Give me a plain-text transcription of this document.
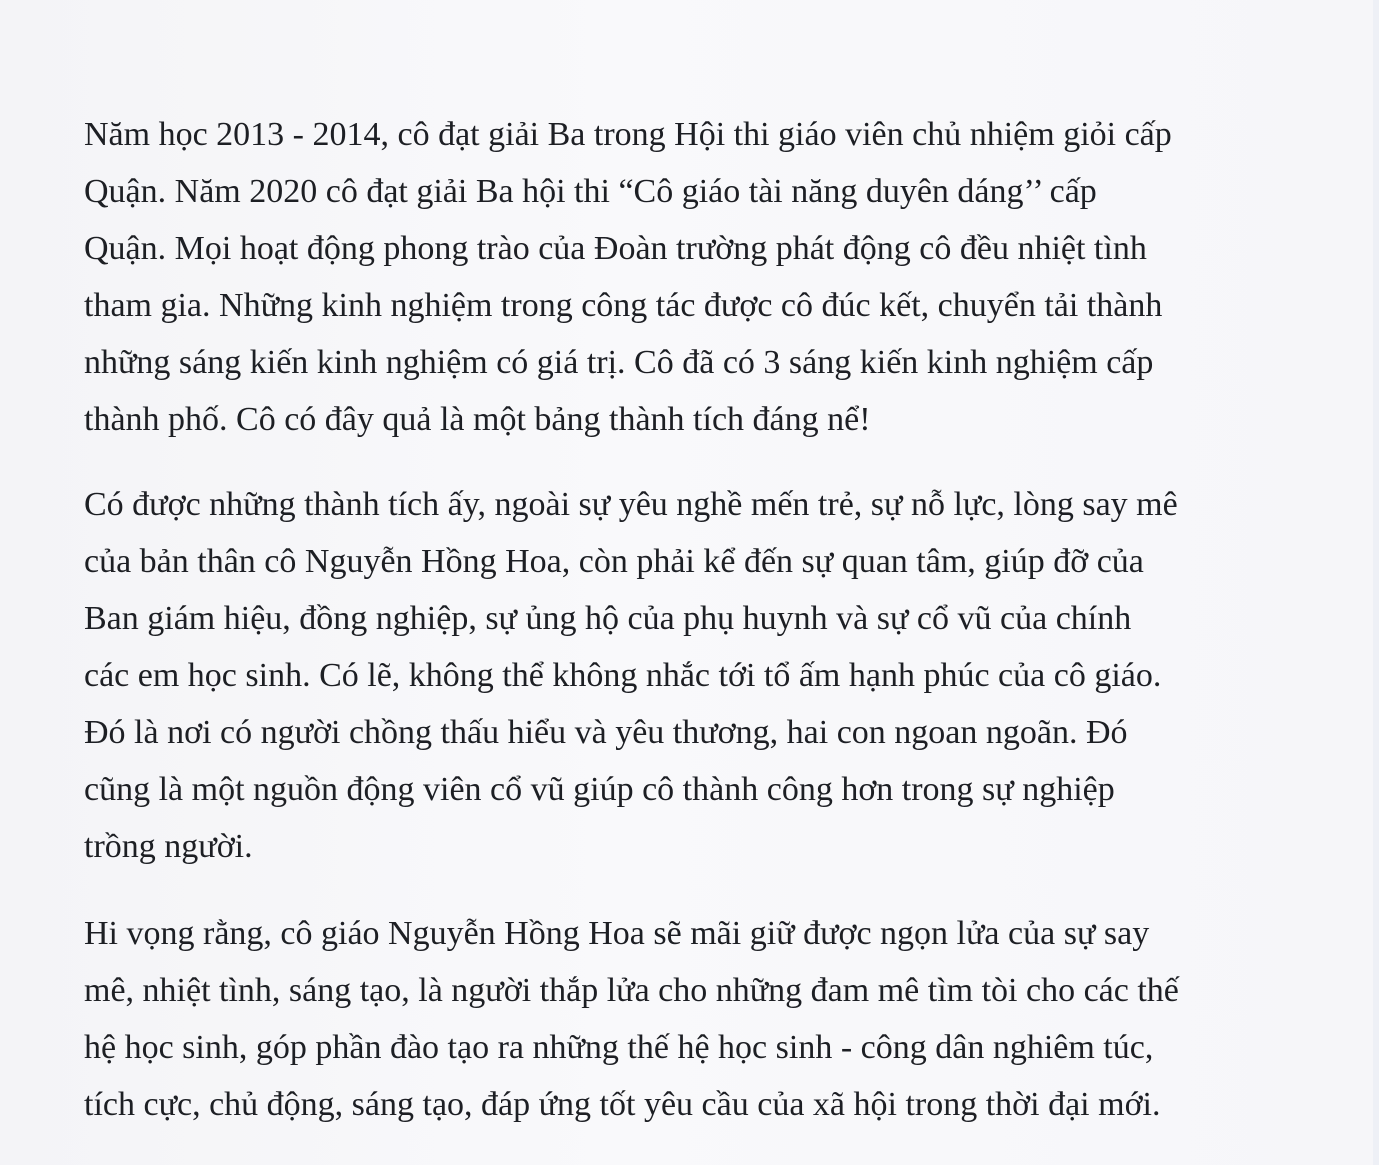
Năm học 2013 - 2014, cô đạt giải Ba trong Hội thi giáo viên chủ nhiệm giỏi cấp
Quận. Năm 2020 cô đạt giải Ba hội thi “Cô giáo tài năng duyên dáng’’ cấp
Quận. Mọi hoạt động phong trào của Đoàn trường phát động cô đều nhiệt tình
tham gia. Những kinh nghiệm trong công tác được cô đúc kết, chuyển tải thành
những sáng kiến kinh nghiệm có giá trị. Cô đã có 3 sáng kiến kinh nghiệm cấp
thành phố. Cô có đây quả là một bảng thành tích đáng nể!

Có được những thành tích ấy, ngoài sự yêu nghề mến trẻ, sự nỗ lực, lòng say mê
của bản thân cô Nguyễn Hồng Hoa, còn phải kể đến sự quan tâm, giúp đỡ của
Ban giám hiệu, đồng nghiệp, sự ủng hộ của phụ huynh và sự cổ vũ của chính
các em học sinh. Có lẽ, không thể không nhắc tới tổ ấm hạnh phúc của cô giáo.
Đó là nơi có người chồng thấu hiểu và yêu thương, hai con ngoan ngoãn. Đó
cũng là một nguồn động viên cổ vũ giúp cô thành công hơn trong sự nghiệp
trồng người.

Hi vọng rằng, cô giáo Nguyễn Hồng Hoa sẽ mãi giữ được ngọn lửa của sự say
mê, nhiệt tình, sáng tạo, là người thắp lửa cho những đam mê tìm tòi cho các thế
hệ học sinh, góp phần đào tạo ra những thế hệ học sinh - công dân nghiêm túc,
tích cực, chủ động, sáng tạo, đáp ứng tốt yêu cầu của xã hội trong thời đại mới.
